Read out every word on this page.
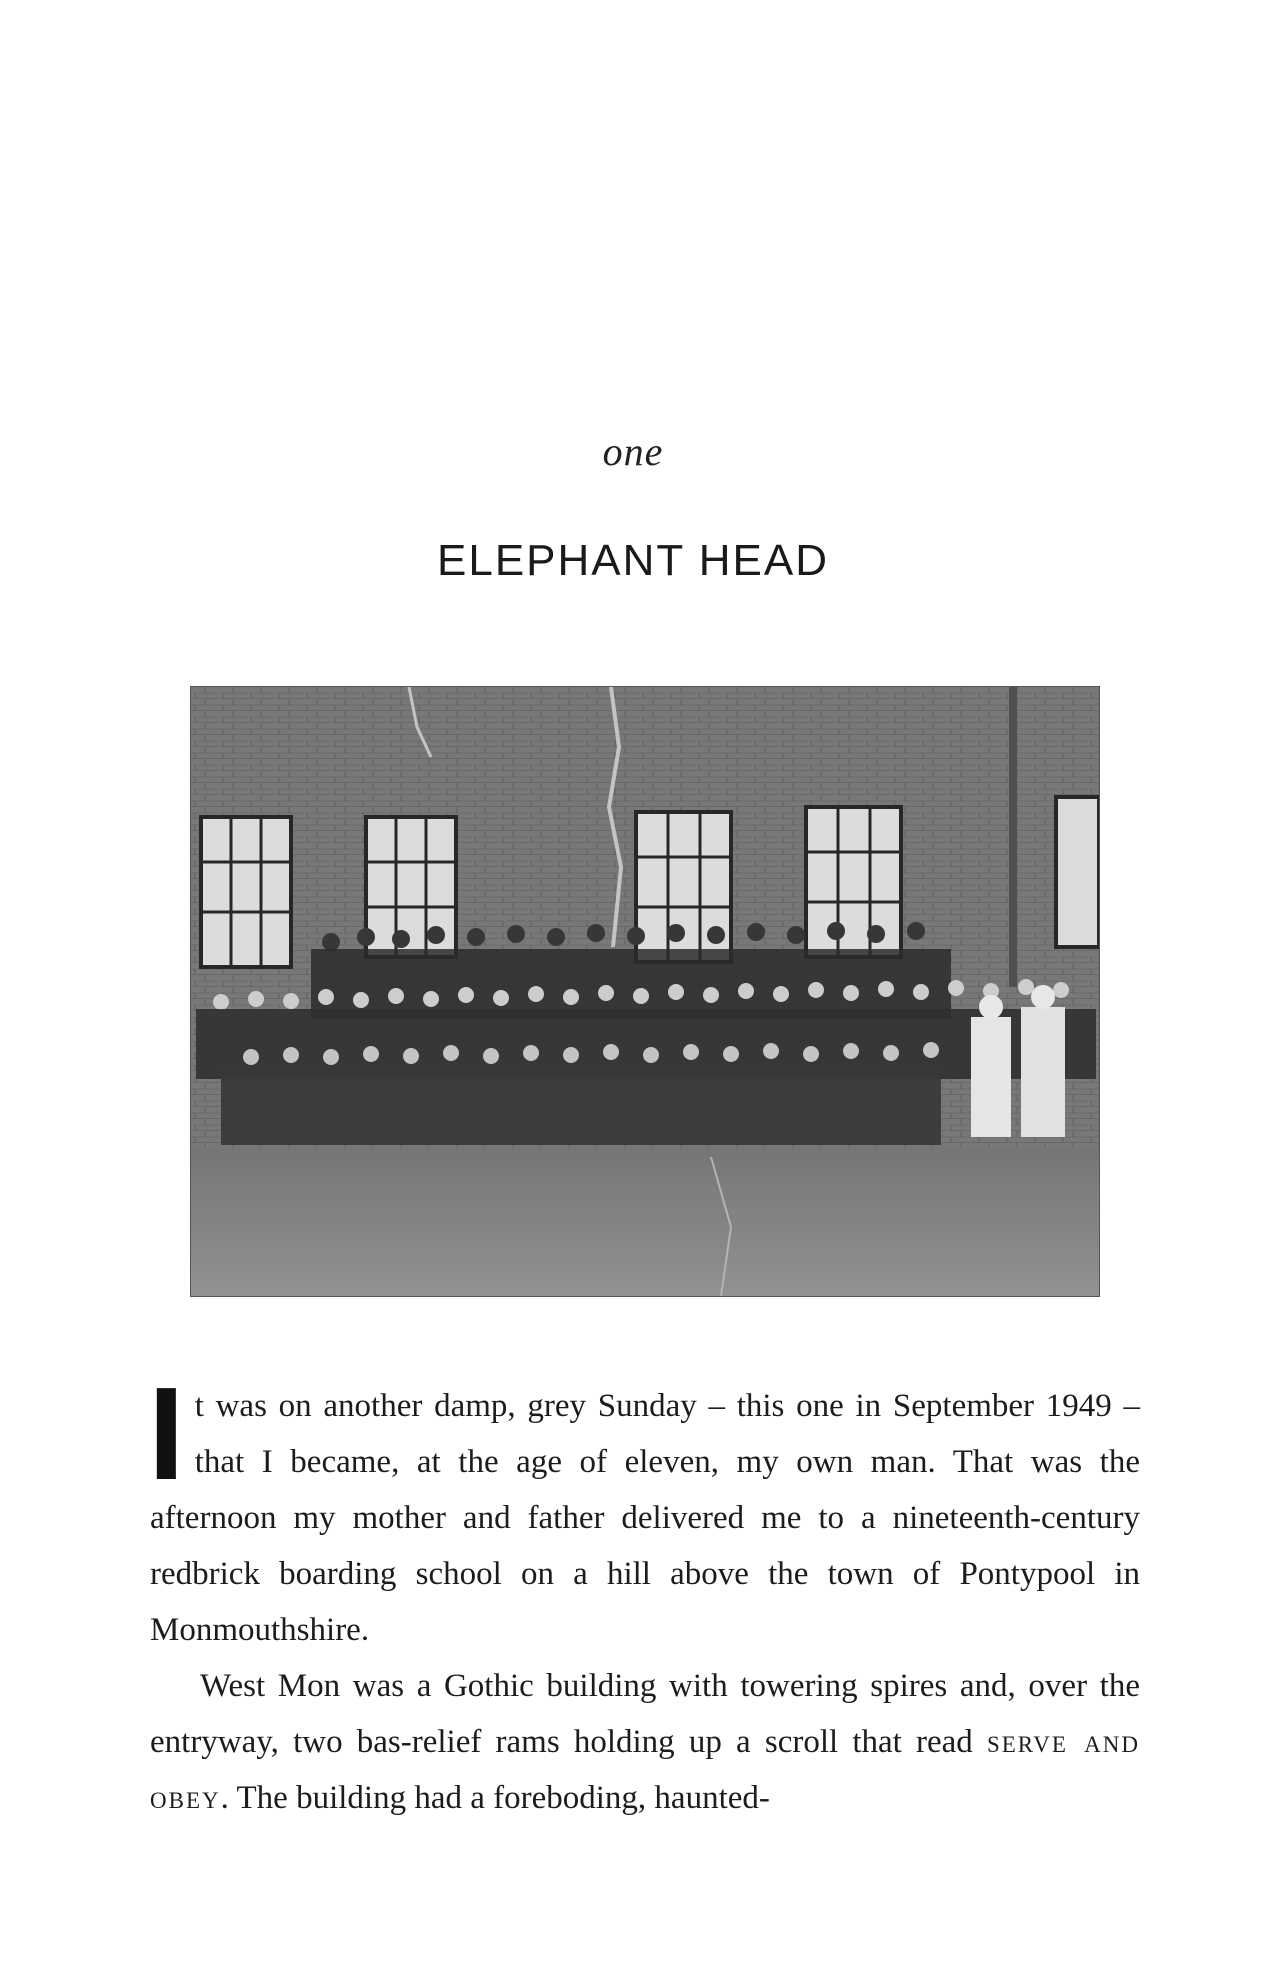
one
ELEPHANT HEAD

It was on another damp, grey Sunday – this one in September 1949 – that I became, at the age of eleven, my own man. That was the afternoon my mother and father delivered me to a nineteenth-century redbrick boarding school on a hill above the town of Pontypool in Monmouthshire.

West Mon was a Gothic building with towering spires and, over the entryway, two bas-relief rams holding up a scroll that read serve and obey. The building had a foreboding, haunted-
